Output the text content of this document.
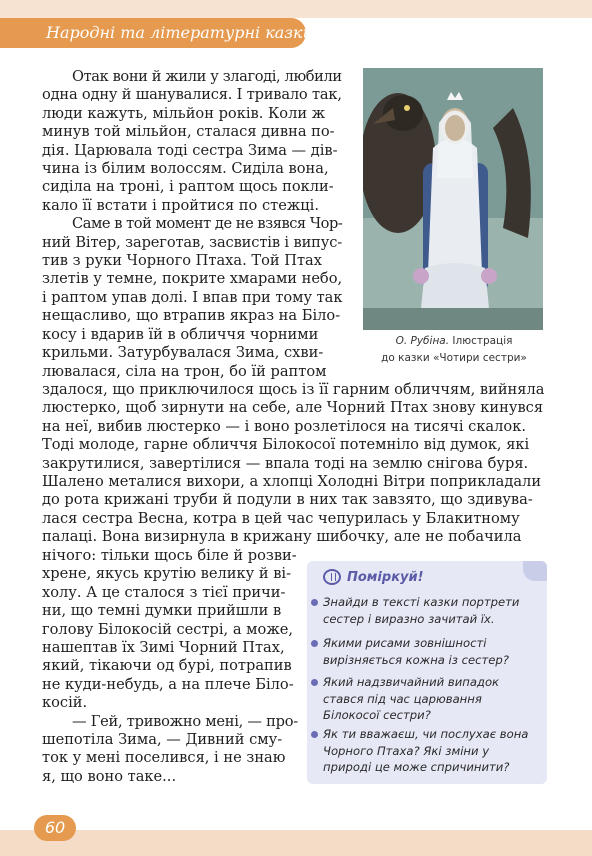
Народні та літературні казки
О. Рубіна. Ілюстрація
до казки «Чотири сестри»
Отак вони й жили у злагоді, любили
одна одну й шанувалися. І тривало так,
люди кажуть, мільйон років. Коли ж
минув той мільйон, сталася дивна по-
дія. Царювала тоді сестра Зима — дів-
чина із білим волоссям. Сиділа вона,
сиділа на троні, і раптом щось покли-
кало її встати і пройтися по стежці.
Саме в той момент де не взявся Чор-
ний Вітер, зареготав, засвистів і випус-
тив з руки Чорного Птаха. Той Птах
злетів у темне, покрите хмарами небо,
і раптом упав долі. І впав при тому так
нещасливо, що втрапив якраз на Біло-
косу і вдарив їй в обличчя чорними
крильми. Затурбувалася Зима, схви-
лювалася, сіла на трон, бо їй раптом
здалося, що приключилося щось із її гарним обличчям, вийняла
люстерко, щоб зирнути на себе, але Чорний Птах знову кинувся
на неї, вибив люстерко — і воно розлетілося на тисячі скалок.
Тоді молоде, гарне обличчя Білокосої потемніло від думок, які
закрутилися, завертілися — впала тоді на землю снігова буря.
Шалено металися вихори, а хлопці Холодні Вітри поприкладали
до рота крижані труби й подули в них так завзято, що здивува-
лася сестра Весна, котра в цей час чепурилась у Блакитному
палаці. Вона визирнула в крижану шибочку, але не побачила
нічого: тільки щось біле й розви-
хрене, якусь крутію велику й ві-
холу. А це сталося з тієї причи-
ни, що темні думки прийшли в
голову Білокосій сестрі, а може,
нашептав їх Зимі Чорний Птах,
який, тікаючи од бурі, потрапив
не куди-небудь, а на плече Біло-
косій.
— Гей, тривожно мені, — про-
шепотіла Зима, — Дивний сму-
ток у мені поселився, і не знаю
я, що воно таке...
Поміркуй!
Знайди в тексті казки портрети сестер і виразно зачитай їх.
Якими рисами зовнішності вирізняється кожна із сестер?
Який надзвичайний випадок стався під час царювання Білокосої сестри?
Як ти вважаєш, чи послухає вона Чорного Птаха? Які зміни у природі це може спричинити?
60
